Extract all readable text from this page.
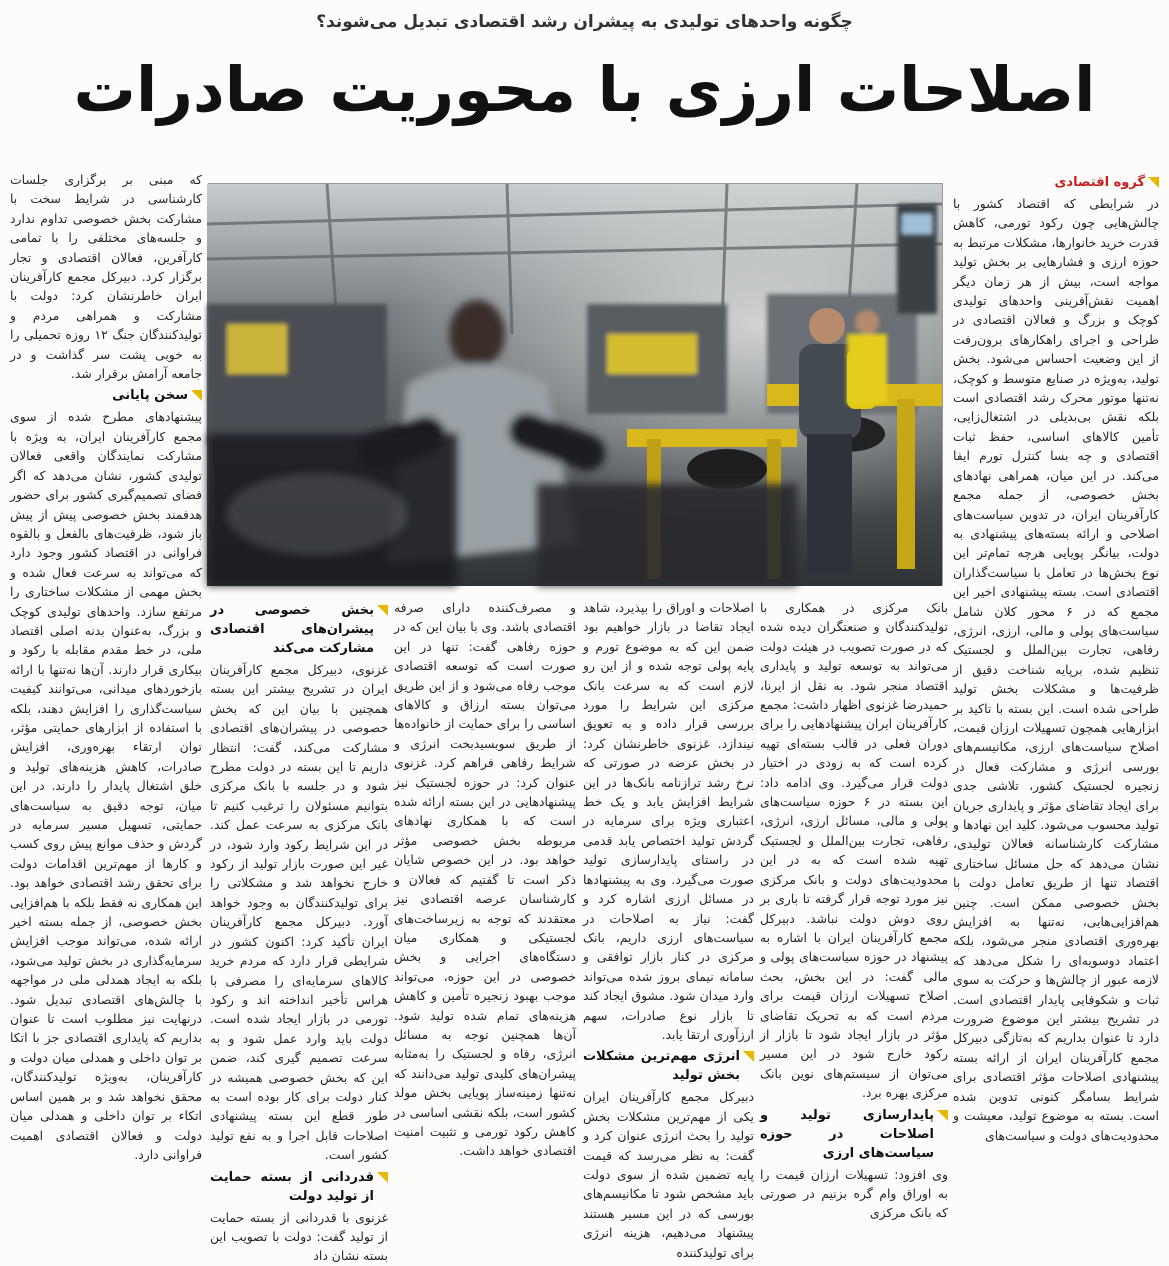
چگونه واحدهای تولیدی به پیشران رشد اقتصادی تبدیل می‌شوند؟
اصلاحات ارزی با محوریت صادرات
گروه اقتصادی

در شرایطی که اقتصاد کشور با چالش‌هایی چون رکود تورمی، کاهش قدرت خرید خانوارها، مشکلات مرتبط به حوزه ارزی و فشارهایی بر بخش تولید مواجه است، بیش از هر زمان دیگر اهمیت نقش‌آفرینی واحدهای تولیدی کوچک و بزرگ و فعالان اقتصادی در طراحی و اجرای راهکارهای برون‌رفت از این وضعیت احساس می‌شود. بخش تولید، به‌ویژه در صنایع متوسط و کوچک، نه‌تنها موتور محرک رشد اقتصادی است بلکه نقش بی‌بدیلی در اشتغال‌زایی، تأمین کالاهای اساسی، حفظ ثبات اقتصادی و چه بسا کنترل تورم ایفا می‌کند. در این میان، همراهی نهادهای بخش خصوصی، از جمله مجمع کارآفرینان ایران، در تدوین سیاست‌های اصلاحی و ارائه بسته‌های پیشنهادی به دولت، بیانگر پویایی هرچه تمام‌تر این نوع بخش‌ها در تعامل با سیاست‌گذاران اقتصادی است. بسته پیشنهادی اخیر این مجمع که در ۶ محور کلان شامل سیاست‌های پولی و مالی، ارزی، انرژی، رفاهی، تجارت بین‌الملل و لجستیک تنظیم شده، برپایه شناخت دقیق از ظرفیت‌ها و مشکلات بخش تولید طراحی شده است. این بسته با تاکید بر ابزارهایی همچون تسهیلات ارزان قیمت، اصلاح سیاست‌های ارزی، مکانیسم‌های بورسی انرژی و مشارکت فعال در زنجیره لجستیک کشور، تلاشی جدی برای ایجاد تقاضای مؤثر و پایداری جریان تولید محسوب می‌شود. کلید این نهادها و مشارکت کارشناسانه فعالان تولیدی، نشان می‌دهد که حل مسائل ساختاری اقتصاد تنها از طریق تعامل دولت با بخش خصوصی ممکن است. چنین هم‌افزایی‌هایی، نه‌تنها به افزایش بهره‌وری اقتصادی منجر می‌شود، بلکه اعتماد دوسویه‌ای را شکل می‌دهد که لازمه عبور از چالش‌ها و حرکت به سوی ثبات و شکوفایی پایدار اقتصادی است. در تشریح بیشتر این موضوع ضرورت دارد تا عنوان بداریم که به‌تازگی دبیرکل مجمع کارآفرینان ایران از ارائه بسته پیشنهادی اصلاحات مؤثر اقتصادی برای شرایط بسامگر کنونی تدوین شده است. بسته به موضوع تولید، معیشت و محدودیت‌های دولت و سیاست‌های

بانک مرکزی در همکاری با تولیدکنندگان و صنعتگران دیده شده که در صورت تصویب در هیئت دولت می‌تواند به توسعه تولید و پایداری اقتصاد منجر شود. به نقل از ایرنا، حمیدرضا غزنوی اظهار داشت: مجمع کارآفرینان ایران پیشنهادهایی را برای دوران فعلی در قالب بسته‌ای تهیه کرده است که به زودی در اختیار دولت قرار می‌گیرد. وی ادامه داد: این بسته در ۶ حوزه سیاست‌های پولی و مالی، مسائل ارزی، انرژی، رفاهی، تجارت بین‌الملل و لجستیک تهیه شده است که به در این محدودیت‌های دولت و بانک مرکزی نیز مورد توجه قرار گرفته تا باری بر روی دوش دولت نباشد. دبیرکل مجمع کارآفرینان ایران با اشاره به پیشنهاد در حوزه سیاست‌های پولی و مالی گفت: در این بخش، بحث اصلاح تسهیلات ارزان قیمت برای مردم است که به تحریک تقاضای مؤثر در بازار ایجاد شود تا بازار از رکود خارج شود در این مسیر می‌توان از سیستم‌های نوین بانک مرکزی بهره برد.

پایدارسازی تولید و اصلاحات در حوزه سیاست‌های ارزی

وی افزود: تسهیلات ارزان قیمت را به اوراق وام گره بزنیم در صورتی که بانک مرکزی

اصلاحات و اوراق را بپذیرد، شاهد ایجاد تقاضا در بازار خواهیم بود ضمن این که به موضوع تورم و پایه پولی توجه شده و از این رو لازم است که به سرعت بانک مرکزی این شرایط را مورد بررسی قرار داده و به تعویق نیندازد. غزنوی خاطرنشان کرد: در بخش عرضه در صورتی که نرخ رشد ترازنامه بانک‌ها در این شرایط افزایش یابد و یک خط اعتباری ویژه برای سرمایه در گردش تولید اختصاص یابد قدمی در راستای پایدارسازی تولید صورت می‌گیرد. وی به پیشنهادها در مسائل ارزی اشاره کرد و گفت: نیاز به اصلاحات در سیاست‌های ارزی داریم، بانک مرکزی در کنار بازار توافقی و سامانه نیمای بروز شده می‌تواند وارد میدان شود. مشوق ایجاد کند تا بازار نوع صادرات، سهم ارزآوری ارتقا یابد.

انرژی مهم‌ترین مشکلات بخش تولید

دبیرکل مجمع کارآفرینان ایران یکی از مهم‌ترین مشکلات بخش تولید را بحث انرژی عنوان کرد و گفت: به نظر می‌رسد که قیمت پایه تضمین شده از سوی دولت باید مشخص شود تا مکانیسم‌های بورسی که در این مسیر هستند پیشنهاد می‌دهیم، هزینه انرژی برای تولیدکننده

و مصرف‌کننده دارای صرفه اقتصادی باشد. وی با بیان این که در حوزه رفاهی گفت: تنها در این صورت است که توسعه اقتصادی موجب رفاه می‌شود و از این طریق می‌توان بسته ارزاق و کالاهای اساسی را برای حمایت از خانواده‌ها از طریق سوبسیدبخت انرژی و شرایط رفاهی فراهم کرد. غزنوی عنوان کرد: در حوزه لجستیک نیز پیشنهادهایی در این بسته ارائه شده است که با همکاری نهادهای مربوطه بخش خصوصی مؤثر خواهد بود. در این خصوص شایان ذکر است تا گفتیم که فعالان و کارشناسان عرصه اقتصادی نیز معتقدند که توجه به زیرساخت‌های لجستیکی و همکاری میان دستگاه‌های اجرایی و بخش خصوصی در این حوزه، می‌تواند موجب بهبود زنجیره تأمین و کاهش هزینه‌های تمام شده تولید شود. آن‌ها همچنین توجه به مسائل انرژی، رفاه و لجستیک را به‌مثابه پیشران‌های کلیدی تولید می‌دانند که نه‌تنها زمینه‌ساز پویایی بخش مولد کشور است، بلکه نقشی اساسی در کاهش رکود تورمی و تثبیت امنیت اقتصادی خواهد داشت.

بخش خصوصی در پیشران‌های اقتصادی مشارکت می‌کند

غزنوی، دبیرکل مجمع کارآفرینان ایران در تشریح بیشتر این بسته همچنین با بیان این که بخش خصوصی در پیشران‌های اقتصادی مشارکت می‌کند، گفت: انتظار داریم تا این بسته در دولت مطرح شود و در جلسه با بانک مرکزی بتوانیم مسئولان را ترغیب کنیم تا بانک مرکزی به سرعت عمل کند. در این شرایط رکود وارد شود، در غیر این صورت بازار تولید از رکود خارج نخواهد شد و مشکلاتی را برای تولیدکنندگان به وجود خواهد آورد. دبیرکل مجمع کارآفرینان ایران تأکید کرد: اکنون کشور در شرایطی قرار دارد که مردم خرید کالاهای سرمایه‌ای را مصرفی با هراس تأخیر انداخته اند و رکود تورمی در بازار ایجاد شده است. دولت باید وارد عمل شود و به سرعت تصمیم گیری کند، ضمن این که بخش خصوصی همیشه در کنار دولت برای کار بوده است به طور قطع این بسته پیشنهادی اصلاحات قابل اجرا و به نفع تولید کشور است.

قدردانی از بسته حمایت از تولید دولت

غزنوی با قدردانی از بسته حمایت از تولید گفت: دولت با تصویب این بسته نشان داد

که مبنی بر برگزاری جلسات کارشناسی در شرایط سخت با مشارکت بخش خصوصی تداوم ندارد و جلسه‌های مختلفی را با تمامی کارآفرین، فعالان اقتصادی و تجار برگزار کرد. دبیرکل مجمع کارآفرینان ایران خاطرنشان کرد: دولت با مشارکت و همراهی مردم و تولیدکنندگان جنگ ۱۲ روزه تحمیلی را به خوبی پشت سر گذاشت و در جامعه آرامش برقرار شد.

سخن پایانی

پیشنهادهای مطرح شده از سوی مجمع کارآفرینان ایران، به ویژه با مشارکت نمایندگان واقعی فعالان تولیدی کشور، نشان می‌دهد که اگر فضای تصمیم‌گیری کشور برای حضور هدفمند بخش خصوصی پیش از پیش باز شود، ظرفیت‌های بالفعل و بالقوه فراوانی در اقتصاد کشور وجود دارد که می‌تواند به سرعت فعال شده و بخش مهمی از مشکلات ساختاری را مرتفع سازد. واحدهای تولیدی کوچک و بزرگ، به‌عنوان بدنه اصلی اقتصاد ملی، در خط مقدم مقابله با رکود و بیکاری قرار دارند. آن‌ها نه‌تنها با ارائه بازخوردهای میدانی، می‌توانند کیفیت سیاست‌گذاری را افزایش دهند، بلکه با استفاده از ابزارهای حمایتی مؤثر، توان ارتقاء بهره‌وری، افزایش صادرات، کاهش هزینه‌های تولید و خلق اشتغال پایدار را دارند. در این میان، توجه دقیق به سیاست‌های حمایتی، تسهیل مسیر سرمایه در گردش و حذف موانع پیش روی کسب و کارها از مهم‌ترین اقدامات دولت برای تحقق رشد اقتصادی خواهد بود. این همکاری نه فقط بلکه با هم‌افزایی بخش خصوصی، از جمله بسته اخیر ارائه شده، می‌تواند موجب افزایش سرمایه‌گذاری در بخش تولید می‌شود، بلکه به ایجاد همدلی ملی در مواجهه با چالش‌های اقتصادی تبدیل شود. درنهایت نیز مطلوب است تا عنوان بداریم که پایداری اقتصادی جز با اتکا بر توان داخلی و همدلی میان دولت و کارآفرینان، به‌ویژه تولیدکنندگان، محقق نخواهد شد و بر همین اساس اتکاء بر توان داخلی و همدلی میان دولت و فعالان اقتصادی اهمیت فراوانی دارد.
